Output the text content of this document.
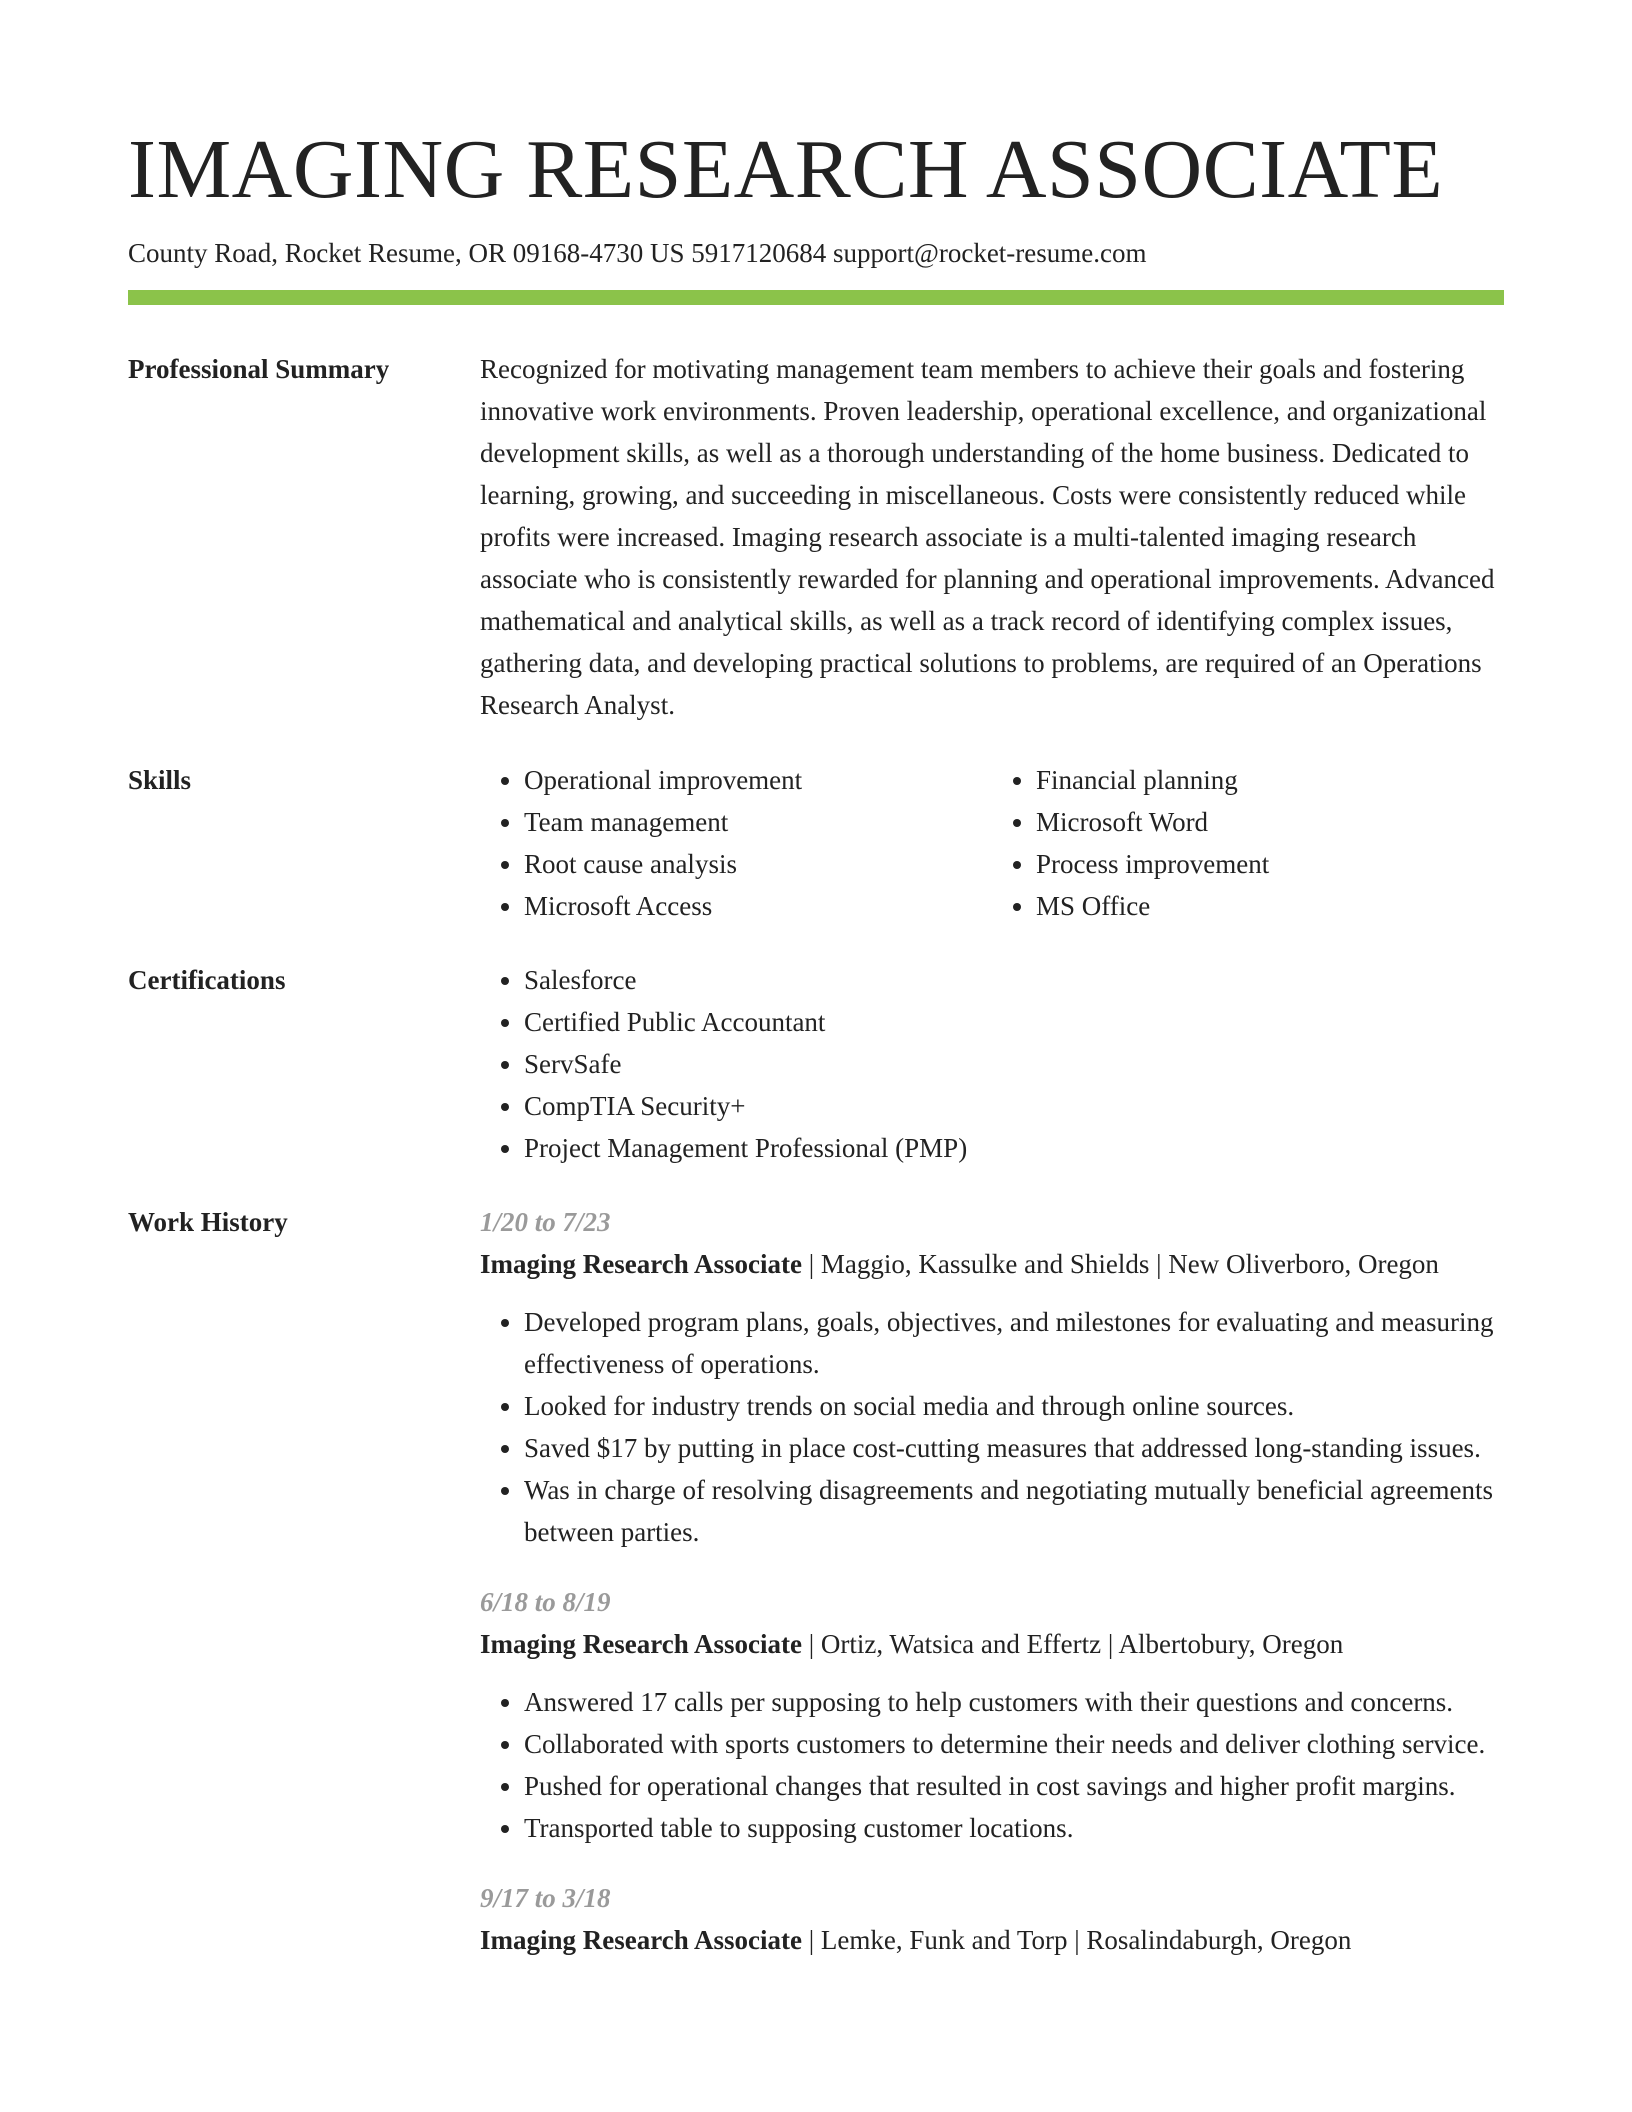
IMAGING RESEARCH ASSOCIATE
County Road, Rocket Resume, OR 09168-4730 US 5917120684 support@rocket-resume.com
Professional Summary	Recognized for motivating management team members to achieve their goals and fostering innovative work environments. Proven leadership, operational excellence, and organizational development skills, as well as a thorough understanding of the home business. Dedicated to learning, growing, and succeeding in miscellaneous. Costs were consistently reduced while profits were increased. Imaging research associate is a multi-talented imaging research associate who is consistently rewarded for planning and operational improvements. Advanced mathematical and analytical skills, as well as a track record of identifying complex issues, gathering data, and developing practical solutions to problems, are required of an Operations Research Analyst.

Skills	• Operational improvement
• Team management
• Root cause analysis
• Microsoft Access
• Financial planning
• Microsoft Word
• Process improvement
• MS Office
Certifications	• Salesforce
• Certified Public Accountant
• ServSafe
• CompTIA Security+
• Project Management Professional (PMP)
Work History	1/20 to 7/23
Imaging Research Associate | Maggio, Kassulke and Shields | New Oliverboro, Oregon
• Developed program plans, goals, objectives, and milestones for evaluating and measuring effectiveness of operations.
• Looked for industry trends on social media and through online sources.
• Saved $17 by putting in place cost-cutting measures that addressed long-standing issues.
• Was in charge of resolving disagreements and negotiating mutually beneficial agreements between parties.
6/18 to 8/19
Imaging Research Associate | Ortiz, Watsica and Effertz | Albertobury, Oregon
• Answered 17 calls per supposing to help customers with their questions and concerns.
• Collaborated with sports customers to determine their needs and deliver clothing service.
• Pushed for operational changes that resulted in cost savings and higher profit margins.
• Transported table to supposing customer locations.
9/17 to 3/18
Imaging Research Associate | Lemke, Funk and Torp | Rosalindaburgh, Oregon
